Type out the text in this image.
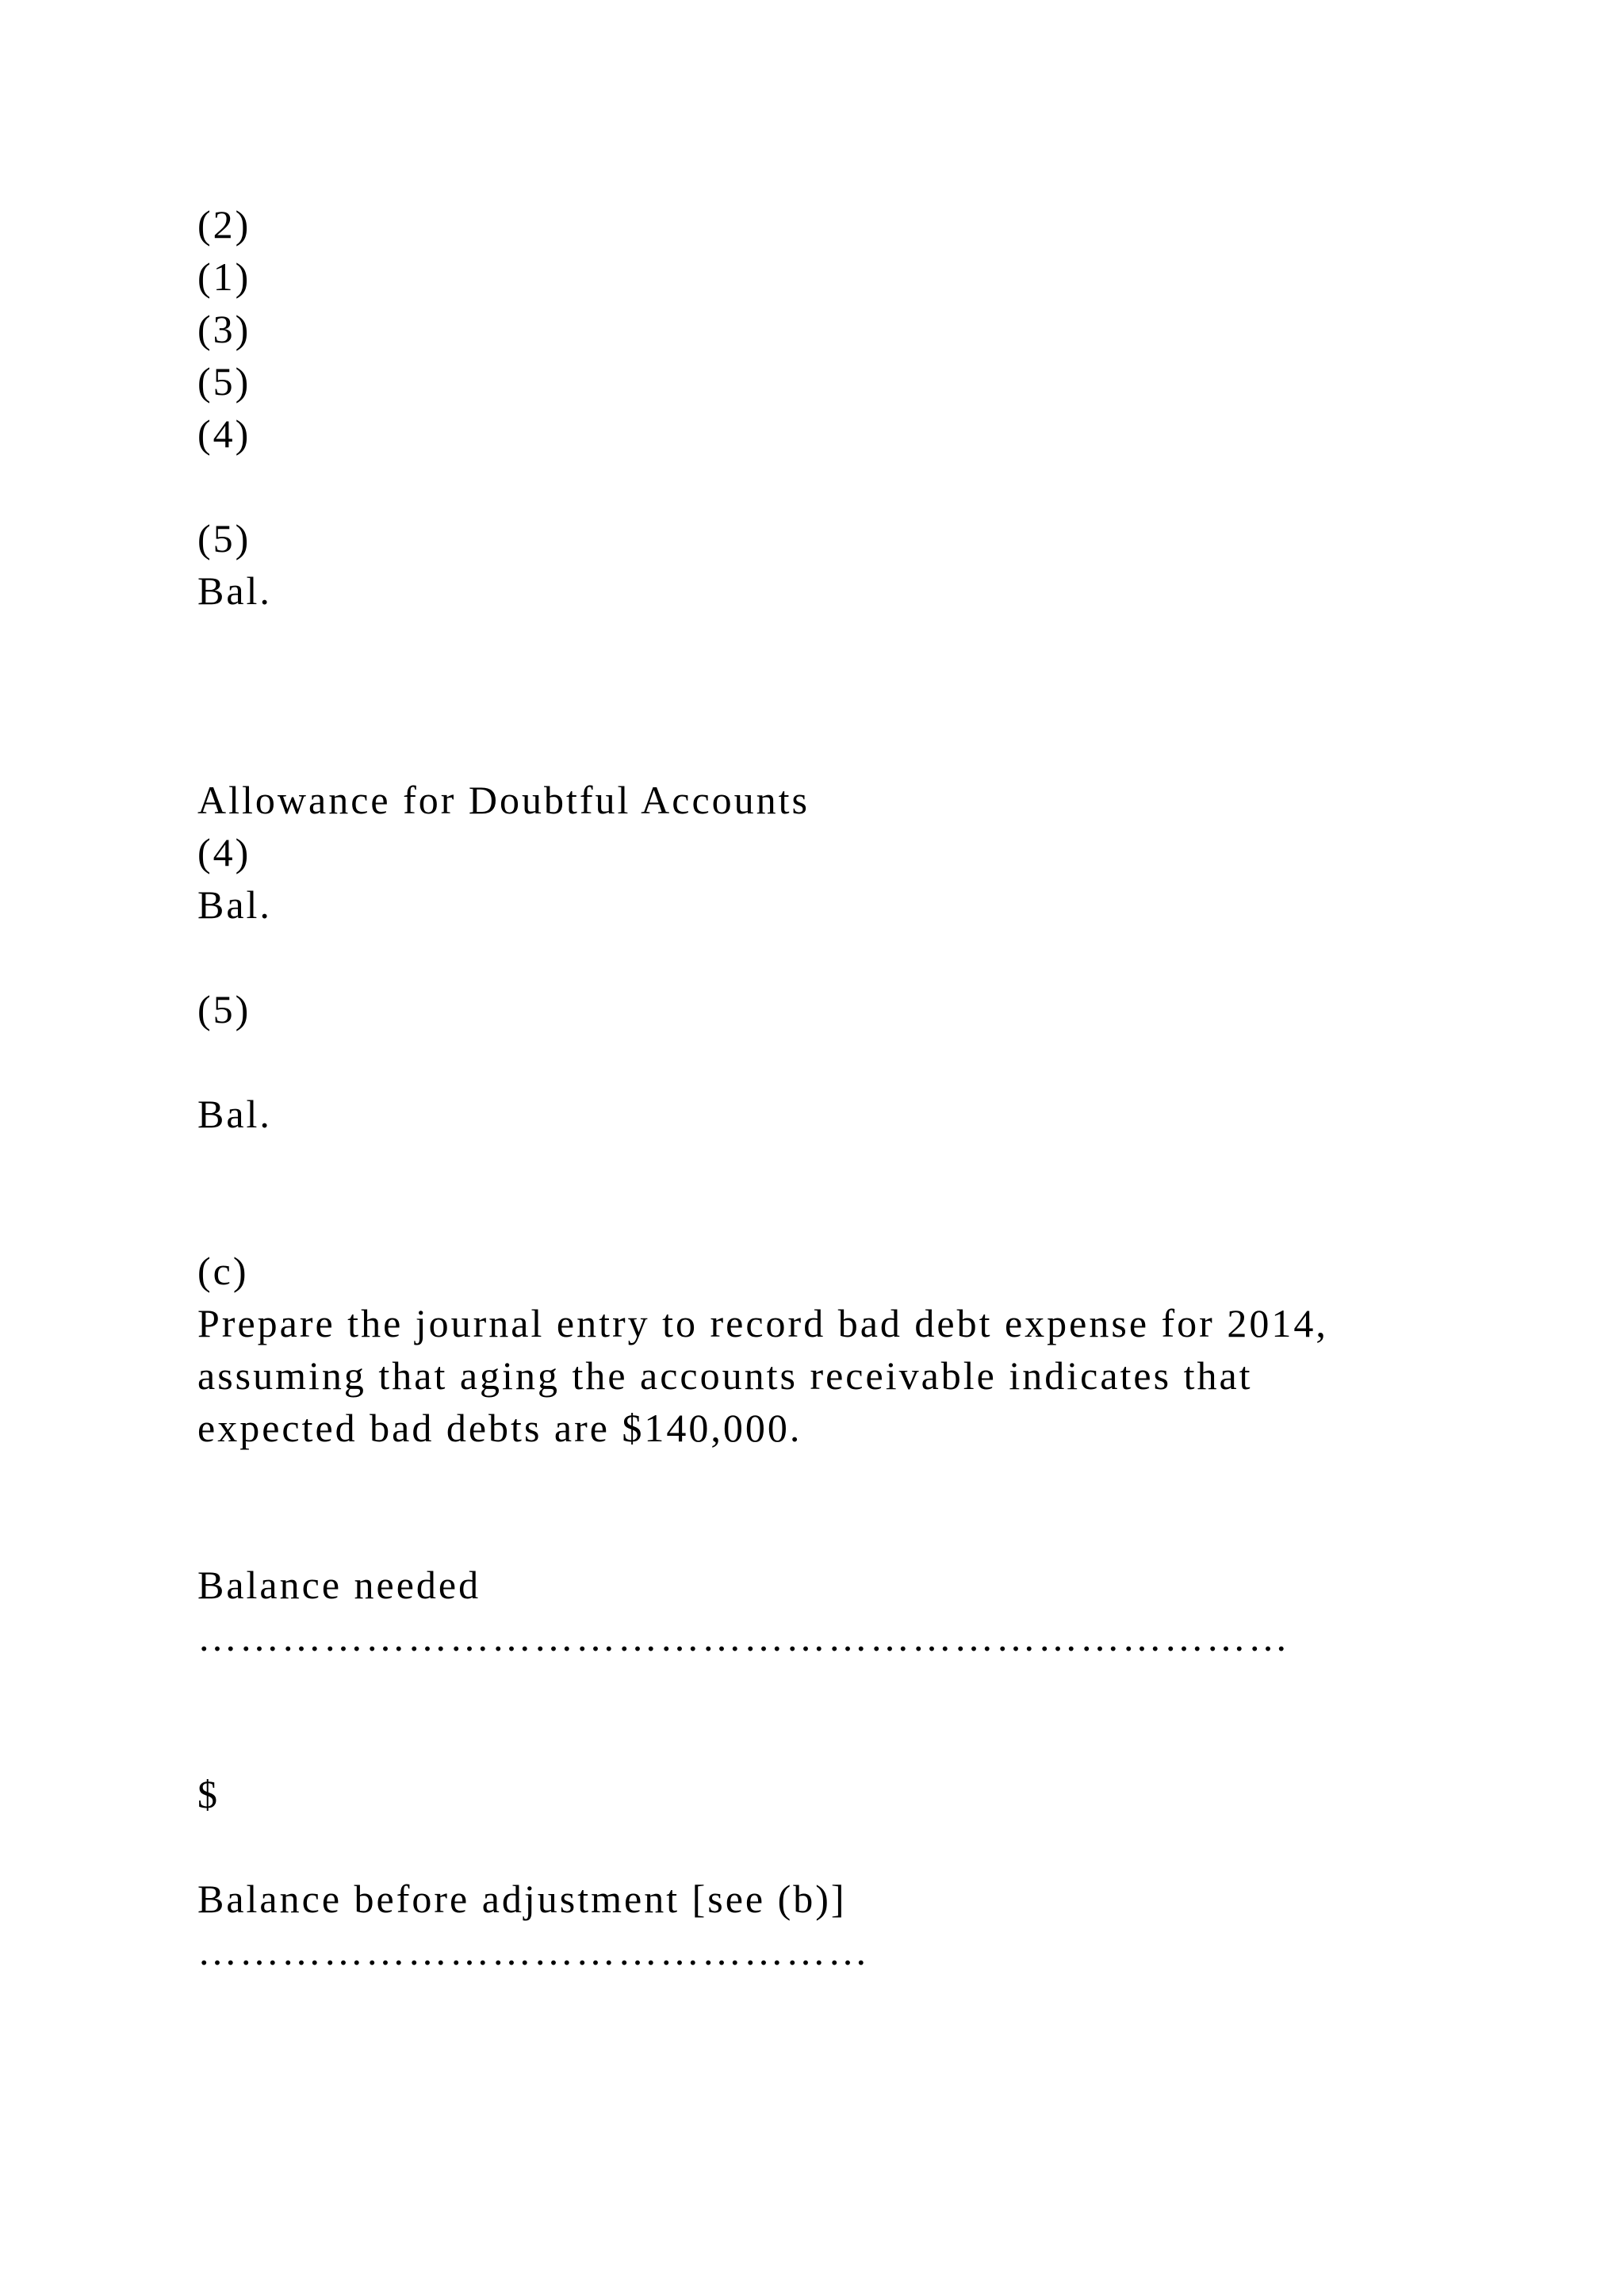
(2)
(1)
(3)
(5)
(4)
(5)
Bal.
Allowance for Doubtful Accounts
(4)
Bal.
(5)
Bal.
(c)
Prepare the journal entry to record bad debt expense for 2014,
assuming that aging the accounts receivable indicates that
expected bad debts are $140,000.
Balance needed
……………………………………………………………………
$
Balance before adjustment [see (b)]
…………………………………………
